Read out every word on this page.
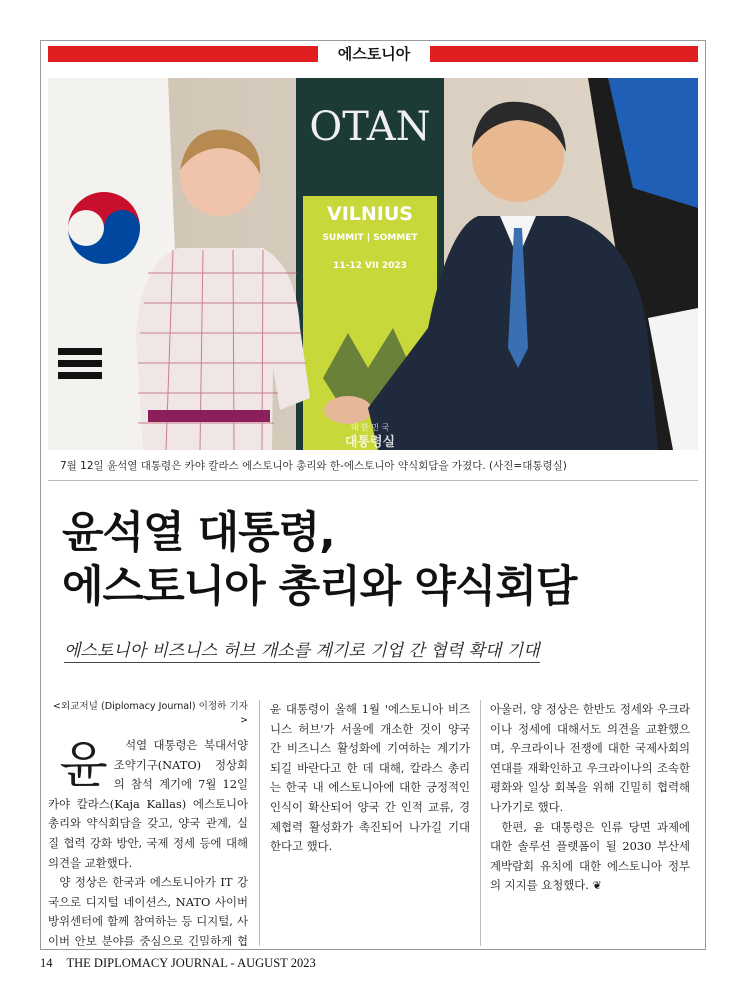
에스토니아
OTAN
VILNIUS
SUMMIT | SOMMET
11-12 VII 2023
대 한 민 국
대통령실
7월 12일 윤석열 대통령은 카야 칼라스 에스토니아 총리와 한-에스토니아 약식회담을 가졌다. (사진=대통령실)
윤석열 대통령,
에스토니아 총리와 약식회담

에스토니아 비즈니스 허브 개소를 계기로 기업 간 협력 확대 기대

<외교저널 (Diplomacy Journal) 이정하 기자>

윤 석열 대통령은 북대서양조약기구(NATO) 정상회의 참석 계기에 7월 12일 카야 칼라스(Kaja Kallas) 에스토니아 총리와 약식회담을 갖고, 양국 관계, 실질 협력 강화 방안, 국제 정세 등에 대해 의견을 교환했다.

양 정상은 한국과 에스토니아가 IT 강국으로 디지털 네이션스, NATO 사이버방위센터에 함께 참여하는 등 디지털, 사이버 안보 분야를 중심으로 긴밀하게 협

윤 대통령이 올해 1월 '에스토니아 비즈니스 허브'가 서울에 개소한 것이 양국 간 비즈니스 활성화에 기여하는 계기가 되길 바란다고 한 데 대해, 칼라스 총리는 한국 내 에스토니아에 대한 긍정적인 인식이 확산되어 양국 간 인적 교류, 경제협력 활성화가 촉진되어 나가길 기대한다고 했다.

아울러, 양 정상은 한반도 정세와 우크라이나 정세에 대해서도 의견을 교환했으며, 우크라이나 전쟁에 대한 국제사회의 연대를 재확인하고 우크라이나의 조속한 평화와 일상 회복을 위해 긴밀히 협력해 나가기로 했다.

한편, 윤 대통령은 인류 당면 과제에 대한 솔루션 플랫폼이 될 2030 부산세계박람회 유치에 대한 에스토니아 정부의 지지를 요청했다. ❦

14 THE DIPLOMACY JOURNAL - AUGUST 2023
